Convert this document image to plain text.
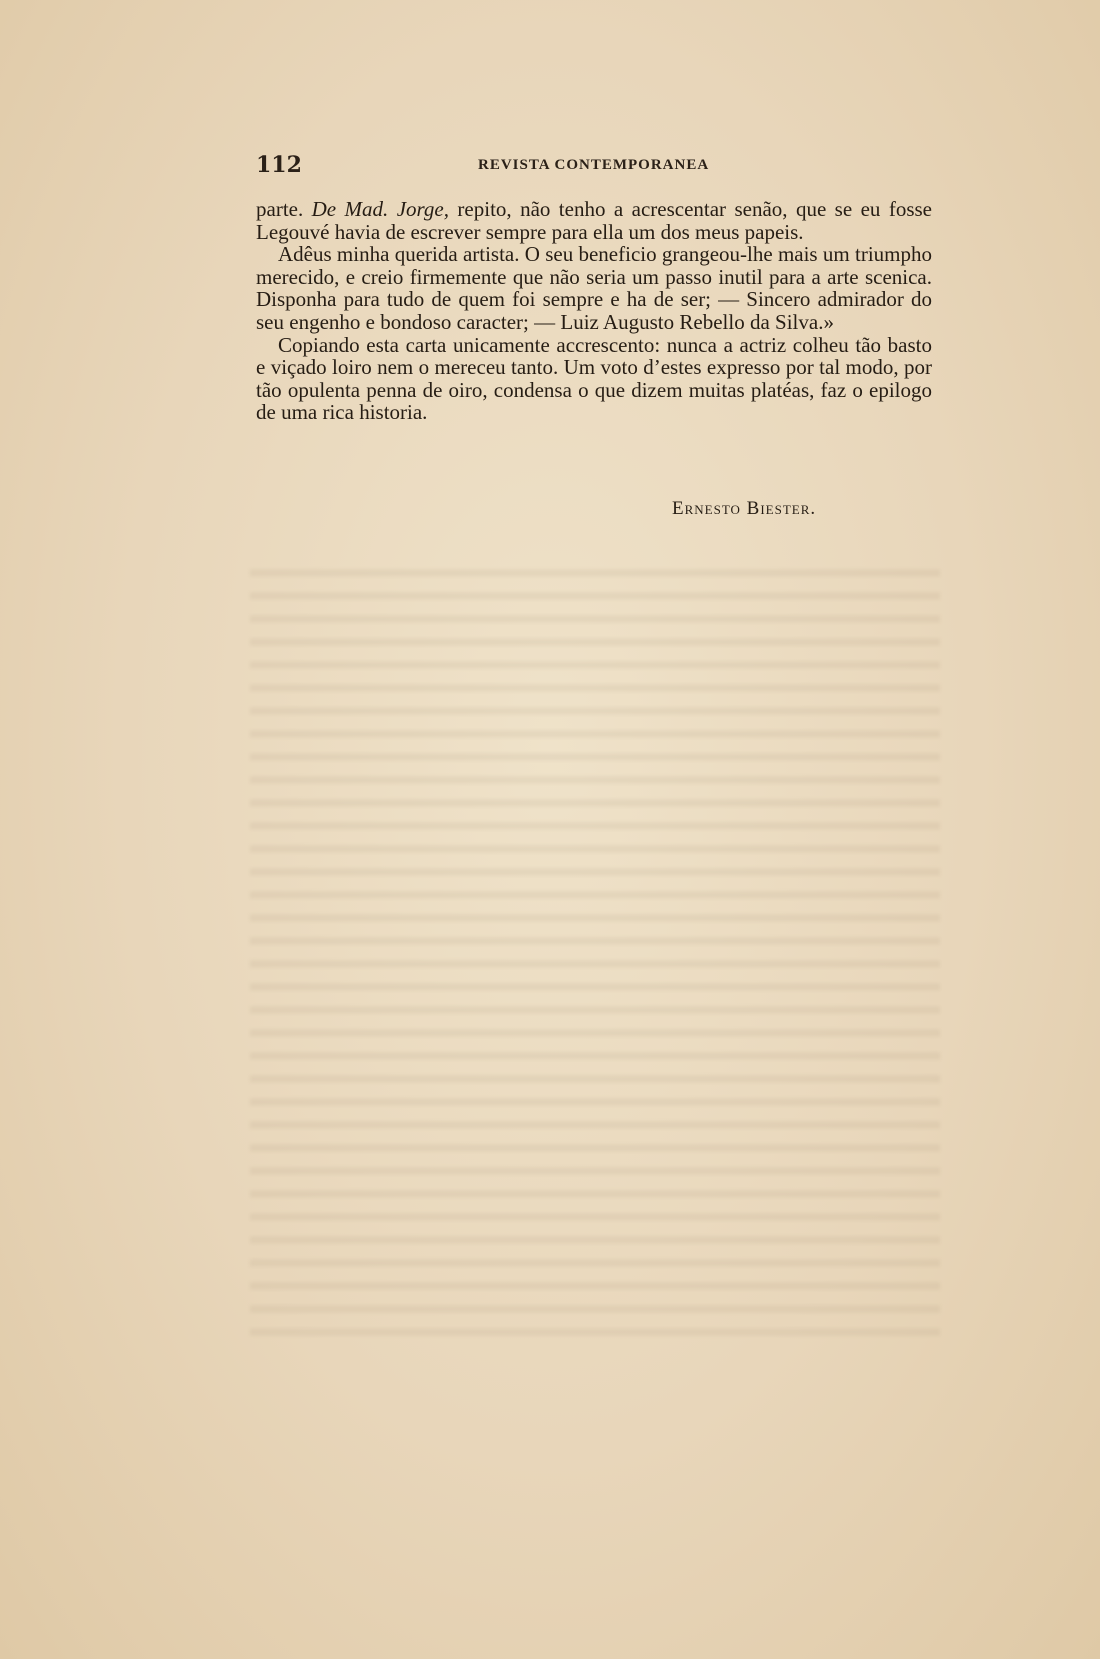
112	REVISTA CONTEMPORANEA

parte. De Mad. Jorge, repito, não tenho a acrescentar senão, que se eu fosse Legouvé havia de escrever sempre para ella um dos meus papeis.

Adêus minha querida artista. O seu beneficio grangeou-lhe mais um triumpho merecido, e creio firmemente que não seria um passo inutil para a arte scenica. Disponha para tudo de quem foi sempre e ha de ser; — Sincero admirador do seu engenho e bondoso caracter; — Luiz Augusto Rebello da Silva.»

Copiando esta carta unicamente accrescento: nunca a actriz colheu tão basto e viçado loiro nem o mereceu tanto. Um voto d’estes expresso por tal modo, por tão opulenta penna de oiro, condensa o que dizem muitas platéas, faz o epilogo de uma rica historia.

Ernesto Biester.
